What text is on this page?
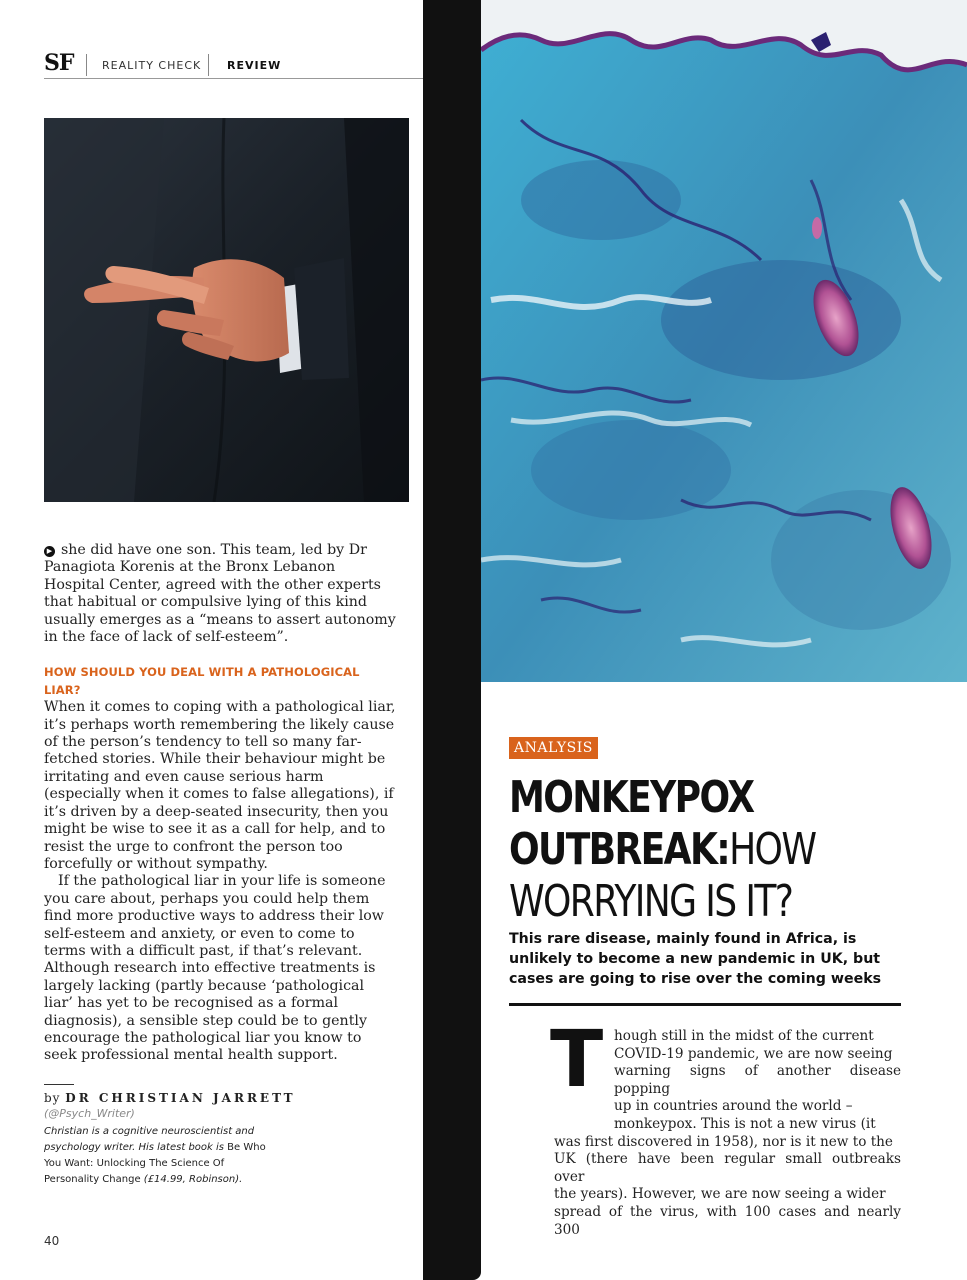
SF	REALITY CHECK REVIEW

▶ she did have one son. This team, led by Dr Panagiota Korenis at the Bronx Lebanon Hospital Center, agreed with the other experts that habitual or compulsive lying of this kind usually emerges as a “means to assert autonomy in the face of lack of self-esteem”.

HOW SHOULD YOU DEAL WITH A PATHOLOGICAL LIAR?

When it comes to coping with a pathological liar, it’s perhaps worth remembering the likely cause of the person’s tendency to tell so many far-fetched stories. While their behaviour might be irritating and even cause serious harm (especially when it comes to false allegations), if it’s driven by a deep-seated insecurity, then you might be wise to see it as a call for help, and to resist the urge to confront the person too forcefully or without sympathy.

If the pathological liar in your life is someone you care about, perhaps you could help them find more productive ways to address their low self-esteem and anxiety, or even to come to terms with a difficult past, if that’s relevant. Although research into effective treatments is largely lacking (partly because ‘pathological liar’ has yet to be recognised as a formal diagnosis), a sensible step could be to gently encourage the pathological liar you know to seek professional mental health support.

by DR CHRISTIAN JARRETT
(@Psych_Writer)
Christian is a cognitive neuroscientist and psychology writer. His latest book is Be Who You Want: Unlocking The Science Of Personality Change (£14.99, Robinson).
40
ANALYSIS
MONKEYPOX
OUTBREAK:HOW
WORRYING IS IT?
This rare disease, mainly found in Africa, is unlikely to become a new pandemic in UK, but cases are going to rise over the coming weeks
T hough still in the midst of the current
COVID-19 pandemic, we are now seeing
warning signs of another disease popping
up in countries around the world –
monkeypox. This is not a new virus (it
was first discovered in 1958), nor is it new to the
UK (there have been regular small outbreaks over
the years). However, we are now seeing a wider
spread of the virus, with 100 cases and nearly 300
